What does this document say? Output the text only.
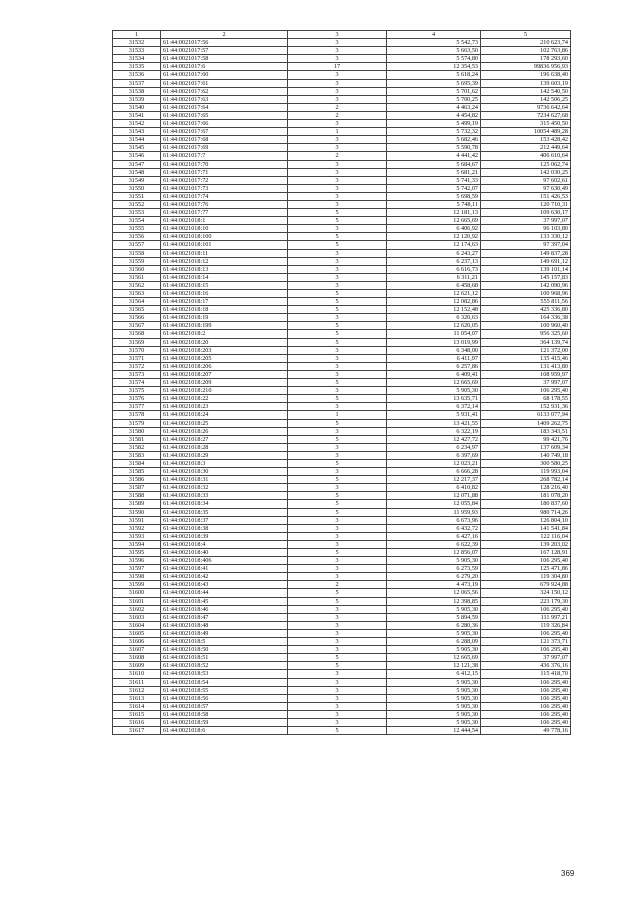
1	2	3	4	5
31532	61:44:0021017:56	3	5 542,73	210 623,74
31533	61:44:0021017:57	3	5 663,50	102 763,86
31534	61:44:0021017:58	3	5 574,80	178 293,60
31535	61:44:0021017:6	17	12 354,53	99836 956,93
31536	61:44:0021017:60	3	5 618,24	196 638,40
31537	61:44:0021017:61	3	5 695,39	139 603,19
31538	61:44:0021017:62	3	5 701,62	142 540,50
31539	61:44:0021017:63	3	5 700,25	142 506,25
31540	61:44:0021017:64	2	4 463,24	9736 642,64
31541	61:44:0021017:65	2	4 454,82	7234 627,68
31542	61:44:0021017:66	3	5 499,19	315 450,50
31543	61:44:0021017:67	1	5 732,32	10054 489,28
31544	61:44:0021017:68	3	5 682,46	153 428,42
31545	61:44:0021017:69	3	5 590,78	212 449,64
31546	61:44:0021017:7	2	4 441,42	406 610,64
31547	61:44:0021017:70	3	5 684,67	125 062,74
31548	61:44:0021017:71	3	5 681,21	142 030,25
31549	61:44:0021017:72	3	5 741,33	97 602,61
31550	61:44:0021017:73	3	5 742,07	97 630,49
31551	61:44:0021017:74	3	5 698,59	151 426,53
31552	61:44:0021017:76	3	5 748,11	120 710,31
31553	61:44:0021017:77	5	12 181,13	109 630,17
31554	61:44:0021018:1	5	12 665,69	37 997,07
31555	61:44:0021018:10	3	6 406,92	96 103,80
31556	61:44:0021018:100	5	12 120,92	133 330,12
31557	61:44:0021018:101	5	12 174,63	97 397,04
31558	61:44:0021018:11	3	6 243,27	149 837,28
31559	61:44:0021018:12	3	6 237,13	149 691,12
31560	61:44:0021018:13	3	6 616,73	139 101,14
31561	61:44:0021018:14	3	6 311,21	145 157,83
31562	61:44:0021018:15	3	6 458,68	142 090,96
31563	61:44:0021018:16	5	12 621,12	100 968,96
31564	61:44:0021018:17	5	12 082,86	555 811,56
31565	61:44:0021018:18	5	12 152,48	425 336,80
31566	61:44:0021018:19	3	6 320,63	164 336,38
31567	61:44:0021018:199	5	12 620,05	100 960,40
31568	61:44:0021018:2	5	11 054,07	956 325,60
31569	61:44:0021018:20	5	13 019,99	364 139,74
31570	61:44:0021018:203	3	6 348,00	121 372,00
31571	61:44:0021018:205	3	6 411,97	135 415,46
31572	61:44:0021018:206	3	6 257,86	131 413,80
31573	61:44:0021018:207	3	6 409,41	108 959,97
31574	61:44:0021018:209	5	12 665,69	37 997,07
31575	61:44:0021018:210	3	5 905,30	106 295,40
31576	61:44:0021018:22	5	13 635,71	68 178,55
31577	61:44:0021018:23	3	6 372,14	152 931,36
31578	61:44:0021018:24	1	5 931,41	6133 077,94
31579	61:44:0021018:25	5	13 421,55	1409 262,75
31580	61:44:0021018:26	3	6 322,19	183 343,51
31581	61:44:0021018:27	5	12 427,72	99 421,76
31582	61:44:0021018:28	3	6 234,97	137 609,34
31583	61:44:0021018:29	3	6 397,69	140 749,18
31584	61:44:0021018:3	5	12 023,21	300 580,25
31585	61:44:0021018:30	3	6 666,28	119 993,04
31586	61:44:0021018:31	5	12 217,37	268 782,14
31587	61:44:0021018:32	3	6 410,82	128 216,40
31588	61:44:0021018:33	5	12 071,88	181 078,20
31589	61:44:0021018:34	5	12 055,84	180 837,60
31590	61:44:0021018:35	5	11 959,93	980 714,26
31591	61:44:0021018:37	3	6 673,96	126 804,10
31592	61:44:0021018:38	3	6 432,72	141 541,84
31593	61:44:0021018:39	3	6 427,16	122 116,04
31594	61:44:0021018:4	3	6 622,39	139 203,02
31595	61:44:0021018:40	5	12 856,07	167 128,91
31596	61:44:0021018:406	3	5 905,30	106 295,40
31597	61:44:0021018:41	3	6 273,59	125 471,86
31598	61:44:0021018:42	3	6 279,20	119 304,80
31599	61:44:0021018:43	2	4 473,19	679 924,88
31600	61:44:0021018:44	5	12 065,56	324 150,12
31601	61:44:0021018:45	5	12 398,85	223 179,30
31602	61:44:0021018:46	3	5 905,30	106 295,40
31603	61:44:0021018:47	3	5 894,59	111 997,21
31604	61:44:0021018:48	3	6 280,36	119 326,84
31605	61:44:0021018:49	3	5 905,30	106 295,40
31606	61:44:0021018:5	3	6 288,09	121 373,71
31607	61:44:0021018:50	3	5 905,30	106 295,40
31608	61:44:0021018:51	5	12 665,69	37 997,07
31609	61:44:0021018:52	5	12 121,38	436 376,16
31610	61:44:0021018:53	3	6 412,15	115 418,70
31611	61:44:0021018:54	3	5 905,30	106 295,40
31612	61:44:0021018:55	3	5 905,30	106 295,40
31613	61:44:0021018:56	3	5 905,30	106 295,40
31614	61:44:0021018:57	3	5 905,30	106 295,40
31615	61:44:0021018:58	3	5 905,30	106 295,40
31616	61:44:0021018:59	3	5 905,30	106 295,40
31617	61:44:0021018:6	5	12 444,54	49 778,16
369
